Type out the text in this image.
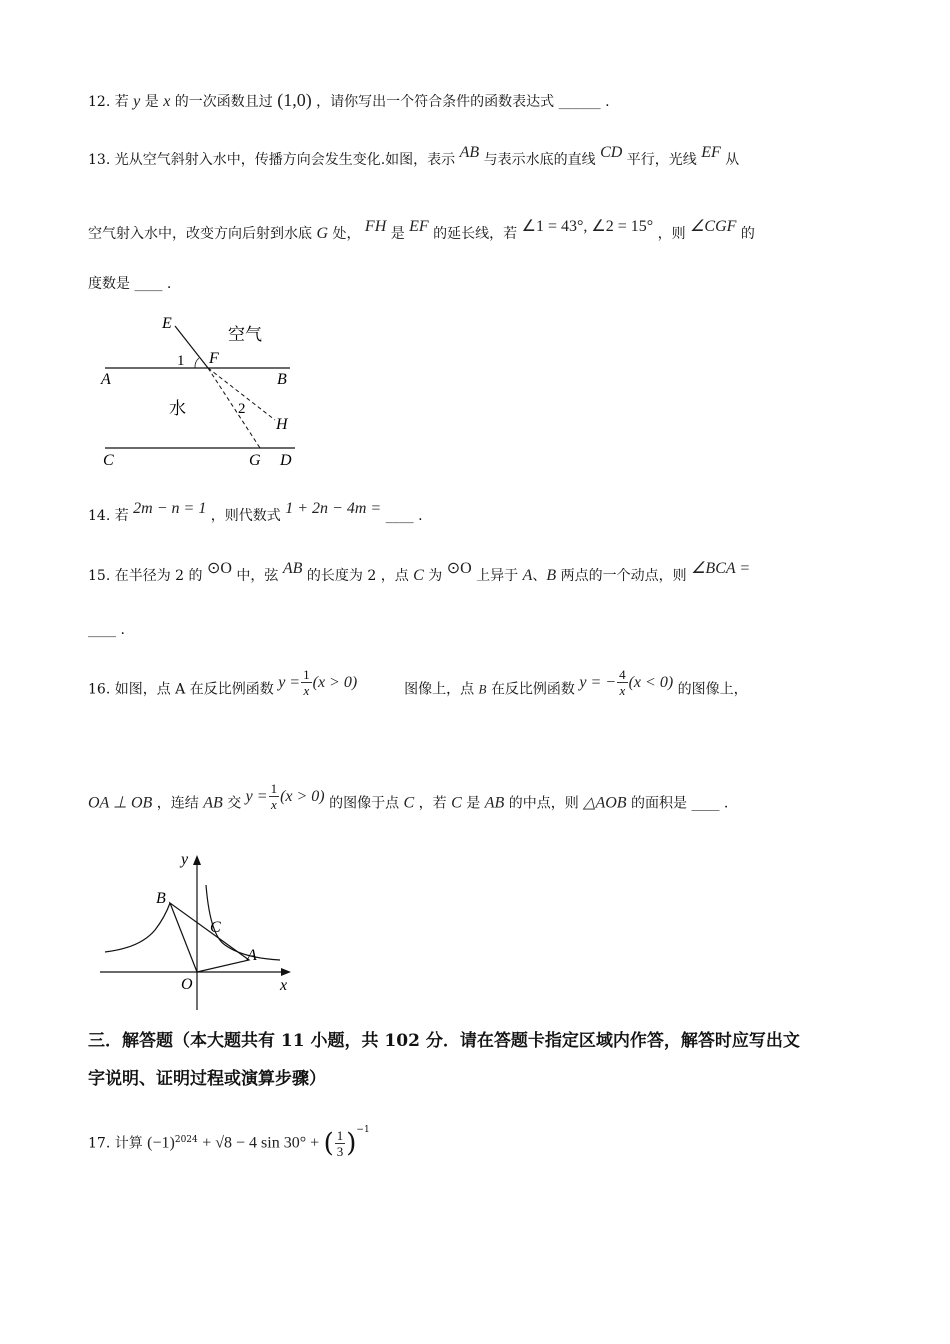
12. 若 y 是 x 的一次函数且过 (1,0) ，请你写出一个符合条件的函数表达式 ______ .
13. 光从空气斜射入水中，传播方向会发生变化.如图，表示 AB 与表示水底的直线 CD 平行，光线 EF 从
空气射入水中，改变方向后射到水底 G 处， FH 是 EF 的延长线，若 ∠1 = 43°, ∠2 = 15° ，则 ∠CGF 的
度数是 ____ .
空气
水
E
F
A	B
H
C	G D
1
2
14. 若 2m − n = 1 ，则代数式 1 + 2n − 4m = ____ .
15. 在半径为 2 的 ⊙O 中，弦 AB 的长度为 2 ，点 C 为 ⊙O 上异于 A、B 两点的一个动点，则 ∠BCA =
____ .
16. 如图，点 A 在反比例函数 $y = \frac{1}{x} (x > 0)$	图像上，点 B 在反比例函数 y = − $\frac{4}{x} (x < 0)$ 的图像上，
OA ⊥ OB ，连结 AB 交 $y = \frac{1}{x} (x > 0)$ 的图像于点 C ，若 C 是 AB 的中点，则 △AOB 的面积是 ____ .
y
x
O
B
C
A
三．解答题（本大题共有 11 小题，共 102 分．请在答题卡指定区域内作答，解答时应写出文
字说明、证明过程或演算步骤）
17. 计算 $(-1)^{2024} + √8 - 4$ sin 30° + ( $\frac{1}{3} )^{-1}$
